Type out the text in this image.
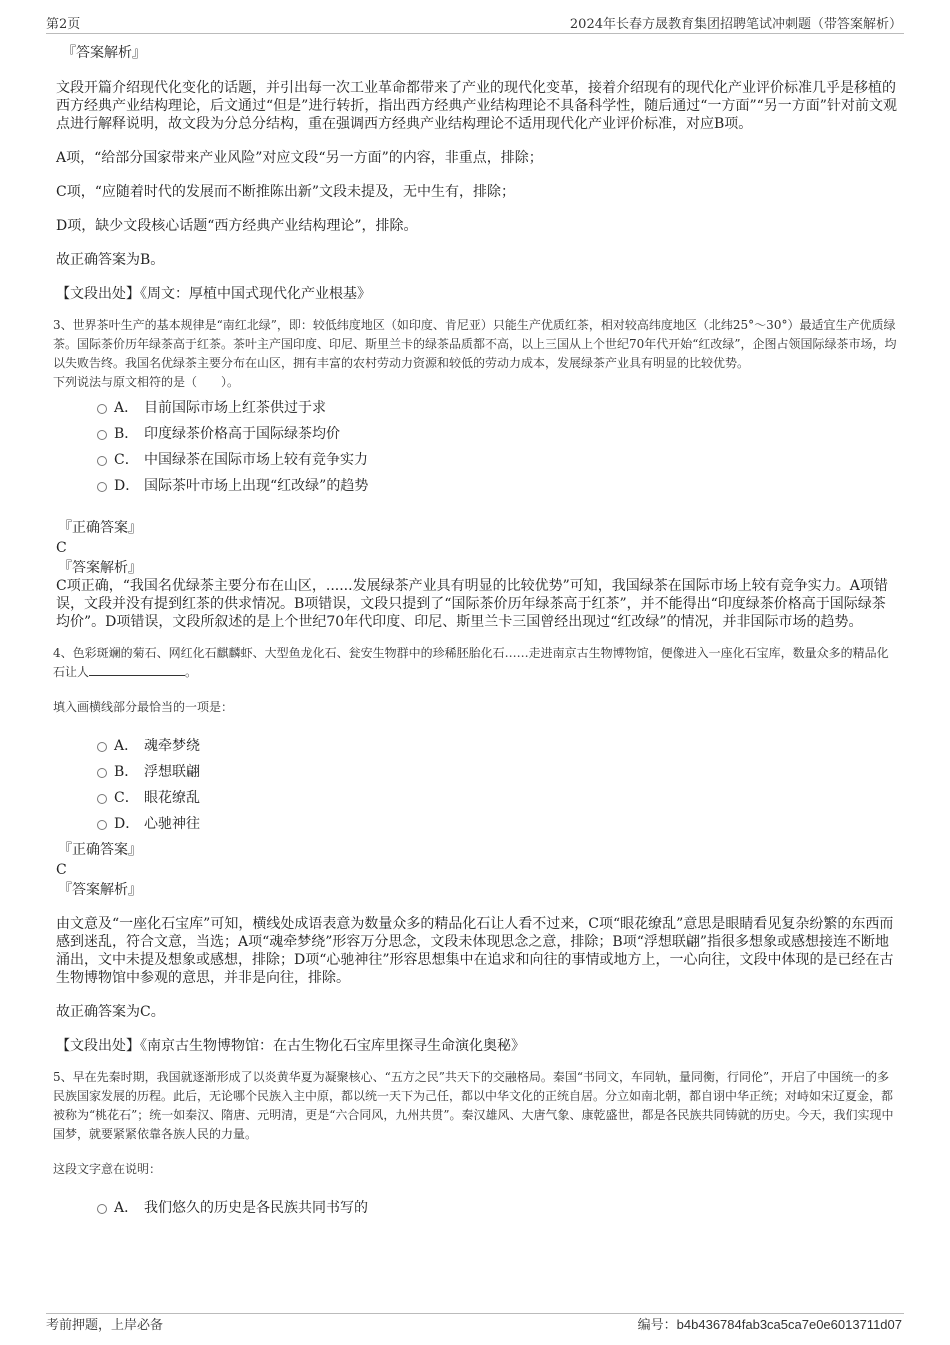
第2页	2024年长春方晟教育集团招聘笔试冲刺题（带答案解析）

『答案解析』

文段开篇介绍现代化变化的话题，并引出每一次工业革命都带来了产业的现代化变革，接着介绍现有的现代化产业评价标准几乎是移植的西方经典产业结构理论，后文通过“但是”进行转折，指出西方经典产业结构理论不具备科学性，随后通过“一方面”“另一方面”针对前文观点进行解释说明，故文段为分总分结构，重在强调西方经典产业结构理论不适用现代化产业评价标准，对应B项。

A项，“给部分国家带来产业风险”对应文段“另一方面”的内容，非重点，排除；

C项，“应随着时代的发展而不断推陈出新”文段未提及，无中生有，排除；

D项，缺少文段核心话题“西方经典产业结构理论”，排除。

故正确答案为B。

【文段出处】《周文：厚植中国式现代化产业根基》

3、世界茶叶生产的基本规律是“南红北绿”，即：较低纬度地区（如印度、肯尼亚）只能生产优质红茶，相对较高纬度地区（北纬25°～30°）最适宜生产优质绿茶。国际茶价历年绿茶高于红茶。茶叶主产国印度、印尼、斯里兰卡的绿茶品质都不高，以上三国从上个世纪70年代开始“红改绿”，企图占领国际绿茶市场，均以失败告终。我国名优绿茶主要分布在山区，拥有丰富的农村劳动力资源和较低的劳动力成本，发展绿茶产业具有明显的比较优势。

下列说法与原文相符的是（　　）。

A． 目前国际市场上红茶供过于求
B． 印度绿茶价格高于国际绿茶均价
C． 中国绿茶在国际市场上较有竞争实力
D． 国际茶叶市场上出现“红改绿”的趋势

『正确答案』

C

『答案解析』

C项正确，“我国名优绿茶主要分布在山区，......发展绿茶产业具有明显的比较优势”可知，我国绿茶在国际市场上较有竞争实力。A项错误，文段并没有提到红茶的供求情况。B项错误，文段只提到了“国际茶价历年绿茶高于红茶”，并不能得出“印度绿茶价格高于国际绿茶均价”。D项错误，文段所叙述的是上个世纪70年代印度、印尼、斯里兰卡三国曾经出现过“红改绿”的情况，并非国际市场的趋势。

4、色彩斑斓的菊石、网红化石麒麟虾、大型鱼龙化石、瓮安生物群中的珍稀胚胎化石……走进南京古生物博物馆，便像进入一座化石宝库，数量众多的精品化石让人	。

填入画横线部分最恰当的一项是：

A． 魂牵梦绕
B． 浮想联翩
C． 眼花缭乱
D． 心驰神往

『正确答案』

C

『答案解析』

由文意及“一座化石宝库”可知，横线处成语表意为数量众多的精品化石让人看不过来，C项“眼花缭乱”意思是眼睛看见复杂纷繁的东西而感到迷乱，符合文意，当选；A项“魂牵梦绕”形容万分思念，文段未体现思念之意，排除；B项“浮想联翩”指很多想象或感想接连不断地涌出，文中未提及想象或感想，排除；D项“心驰神往”形容思想集中在追求和向往的事情或地方上，一心向往，文段中体现的是已经在古生物博物馆中参观的意思，并非是向往，排除。

故正确答案为C。

【文段出处】《南京古生物博物馆：在古生物化石宝库里探寻生命演化奥秘》

5、早在先秦时期，我国就逐渐形成了以炎黄华夏为凝聚核心、“五方之民”共天下的交融格局。秦国“书同文，车同轨，量同衡，行同伦”，开启了中国统一的多民族国家发展的历程。此后，无论哪个民族入主中原，都以统一天下为己任，都以中华文化的正统自居。分立如南北朝，都自诩中华正统；对峙如宋辽夏金，都被称为“桃花石”；统一如秦汉、隋唐、元明清，更是“六合同风，九州共贯”。秦汉雄风、大唐气象、康乾盛世，都是各民族共同铸就的历史。今天，我们实现中国梦，就要紧紧依靠各族人民的力量。

这段文字意在说明：

A． 我们悠久的历史是各民族共同书写的
考前押题，上岸必备	编号：b4b436784fab3ca5ca7e0e6013711d07
